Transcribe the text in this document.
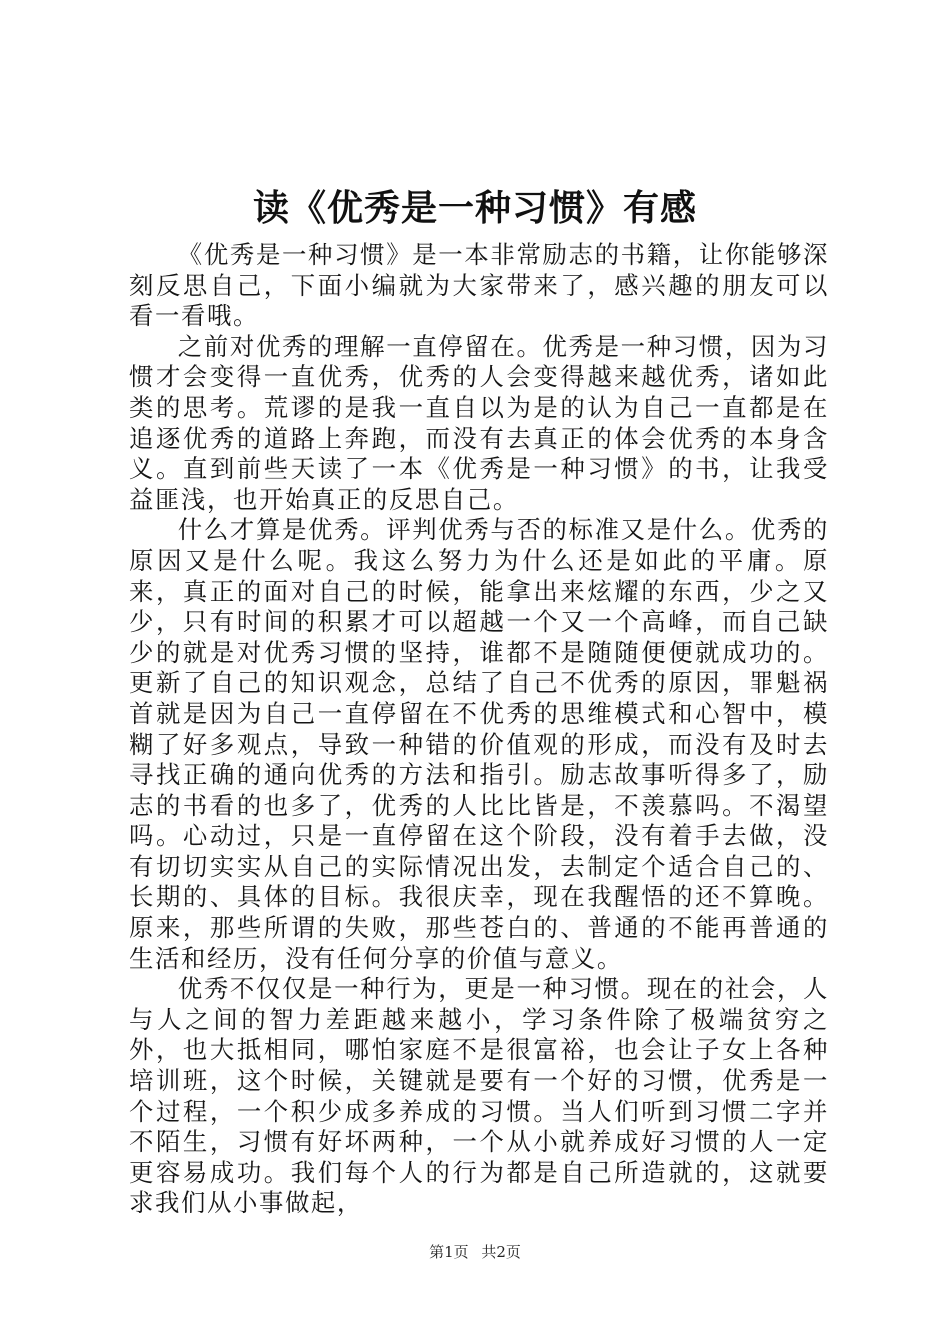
读《优秀是一种习惯》有感

《优秀是一种习惯》是一本非常励志的书籍，让你能够深刻反思自己，下面小编就为大家带来了，感兴趣的朋友可以看一看哦。

之前对优秀的理解一直停留在。优秀是一种习惯，因为习惯才会变得一直优秀，优秀的人会变得越来越优秀，诸如此类的思考。荒谬的是我一直自以为是的认为自己一直都是在追逐优秀的道路上奔跑，而没有去真正的体会优秀的本身含义。直到前些天读了一本《优秀是一种习惯》的书，让我受益匪浅，也开始真正的反思自己。

什么才算是优秀。评判优秀与否的标准又是什么。优秀的原因又是什么呢。我这么努力为什么还是如此的平庸。原来，真正的面对自己的时候，能拿出来炫耀的东西，少之又少，只有时间的积累才可以超越一个又一个高峰，而自己缺少的就是对优秀习惯的坚持，谁都不是随随便便就成功的。更新了自己的知识观念，总结了自己不优秀的原因，罪魁祸首就是因为自己一直停留在不优秀的思维模式和心智中，模糊了好多观点，导致一种错的价值观的形成，而没有及时去寻找正确的通向优秀的方法和指引。励志故事听得多了，励志的书看的也多了，优秀的人比比皆是，不羡慕吗。不渴望吗。心动过，只是一直停留在这个阶段，没有着手去做，没有切切实实从自己的实际情况出发，去制定个适合自己的、长期的、具体的目标。我很庆幸，现在我醒悟的还不算晚。原来，那些所谓的失败，那些苍白的、普通的不能再普通的生活和经历，没有任何分享的价值与意义。

优秀不仅仅是一种行为，更是一种习惯。现在的社会，人与人之间的智力差距越来越小，学习条件除了极端贫穷之外，也大抵相同，哪怕家庭不是很富裕，也会让子女上各种培训班，这个时候，关键就是要有一个好的习惯，优秀是一个过程，一个积少成多养成的习惯。当人们听到习惯二字并不陌生，习惯有好坏两种，一个从小就养成好习惯的人一定更容易成功。我们每个人的行为都是自己所造就的，这就要求我们从小事做起，

第1页 共2页
